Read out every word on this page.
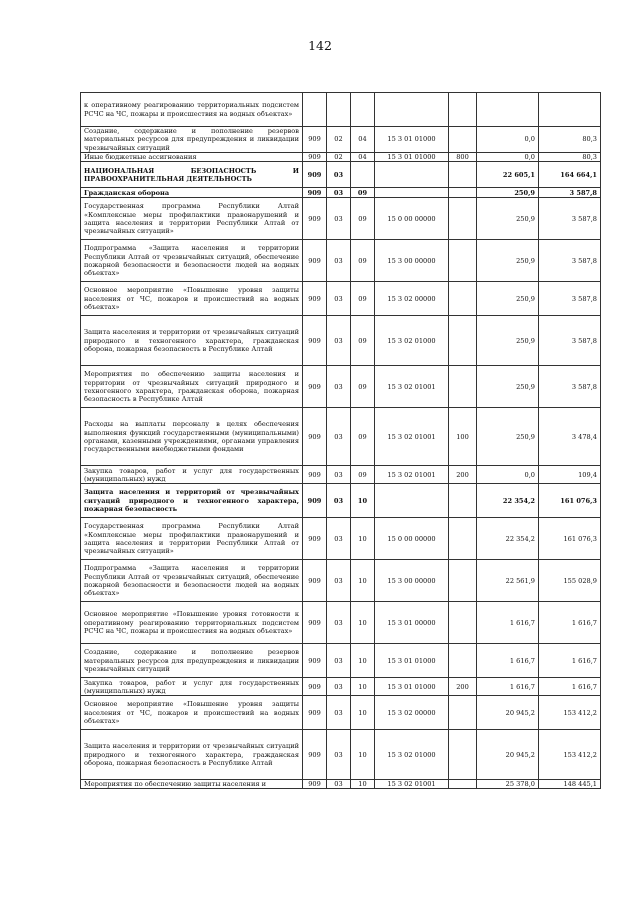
142
к оперативному реагированию территориальных подсистем РСЧС на ЧС, пожары и происшествия на водных объектах»							
Создание, содержание и пополнение резервов материальных ресурсов для предупреждения и ликвидации чрезвычайных ситуаций	909	02	04	15 3 01 01000		0,0	80,3
Иные бюджетные ассигнования	909	02	04	15 3 01 01000	800	0,0	80,3
НАЦИОНАЛЬНАЯ БЕЗОПАСНОСТЬ И ПРАВООХРАНИТЕЛЬНАЯ ДЕЯТЕЛЬНОСТЬ	909	03				22 605,1	164 664,1
Гражданская оборона	909	03	09			250,9	3 587,8
Государственная программа Республики Алтай «Комплексные меры профилактики правонарушений и защита населения и территории Республики Алтай от чрезвычайных ситуаций»	909	03	09	15 0 00 00000		250,9	3 587,8
Подпрограмма «Защита населения и территории Республики Алтай от чрезвычайных ситуаций, обеспечение пожарной безопасности и безопасности людей на водных объектах»	909	03	09	15 3 00 00000		250,9	3 587,8
Основное мероприятие «Повышение уровня защиты населения от ЧС, пожаров и происшествий на водных объектах»	909	03	09	15 3 02 00000		250,9	3 587,8
Защита населения и территории от чрезвычайных ситуаций природного и техногенного характера, гражданская оборона, пожарная безопасность в Республике Алтай	909	03	09	15 3 02 01000		250,9	3 587,8
Мероприятия по обеспечению защиты населения и территории от чрезвычайных ситуаций природного и техногенного характера, гражданская оборона, пожарная безопасность в Республике Алтай	909	03	09	15 3 02 01001		250,9	3 587,8
Расходы на выплаты персоналу в целях обеспечения выполнения функций государственными (муниципальными) органами, казенными учреждениями, органами управления государственными внебюджетными фондами	909	03	09	15 3 02 01001	100	250,9	3 478,4
Закупка товаров, работ и услуг для государственных (муниципальных) нужд	909	03	09	15 3 02 01001	200	0,0	109,4
Защита населения и территорий от чрезвычайных ситуаций природного и техногенного характера, пожарная безопасность	909	03	10			22 354,2	161 076,3
Государственная программа Республики Алтай «Комплексные меры профилактики правонарушений и защита населения и территории Республики Алтай от чрезвычайных ситуаций»	909	03	10	15 0 00 00000		22 354,2	161 076,3
Подпрограмма «Защита населения и территории Республики Алтай от чрезвычайных ситуаций, обеспечение пожарной безопасности и безопасности людей на водных объектах»	909	03	10	15 3 00 00000		22 561,9	155 028,9
Основное мероприятие «Повышение уровня готовности к оперативному реагированию территориальных подсистем РСЧС на ЧС, пожары и происшествия на водных объектах»	909	03	10	15 3 01 00000		1 616,7	1 616,7
Создание, содержание и пополнение резервов материальных ресурсов для предупреждения и ликвидации чрезвычайных ситуаций	909	03	10	15 3 01 01000		1 616,7	1 616,7
Закупка товаров, работ и услуг для государственных (муниципальных) нужд	909	03	10	15 3 01 01000	200	1 616,7	1 616,7
Основное мероприятие «Повышение уровня защиты населения от ЧС, пожаров и происшествий на водных объектах»	909	03	10	15 3 02 00000		20 945,2	153 412,2
Защита населения и территории от чрезвычайных ситуаций природного и техногенного характера, гражданская оборона, пожарная безопасность в Республике Алтай	909	03	10	15 3 02 01000		20 945,2	153 412,2
Мероприятия по обеспечению защиты населения и	909	03	10	15 3 02 01001		25 378,0	148 445,1
